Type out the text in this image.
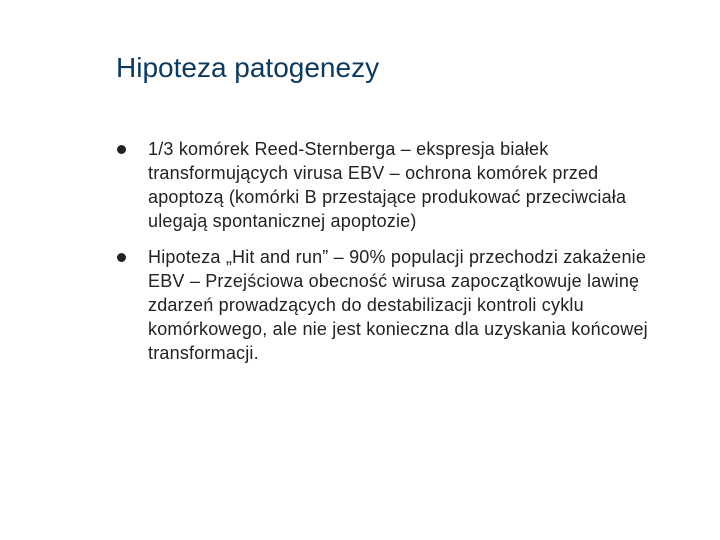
Hipoteza patogenezy
1/3 komórek Reed-Sternberga – ekspresja białek transformujących virusa EBV – ochrona komórek przed apoptozą (komórki B przestające produkować przeciwciała ulegają spontanicznej apoptozie)
Hipoteza „Hit and run” – 90% populacji przechodzi zakażenie EBV – Przejściowa obecność wirusa zapoczątkowuje lawinę zdarzeń prowadzących do destabilizacji kontroli cyklu komórkowego, ale nie jest konieczna dla uzyskania końcowej transformacji.
